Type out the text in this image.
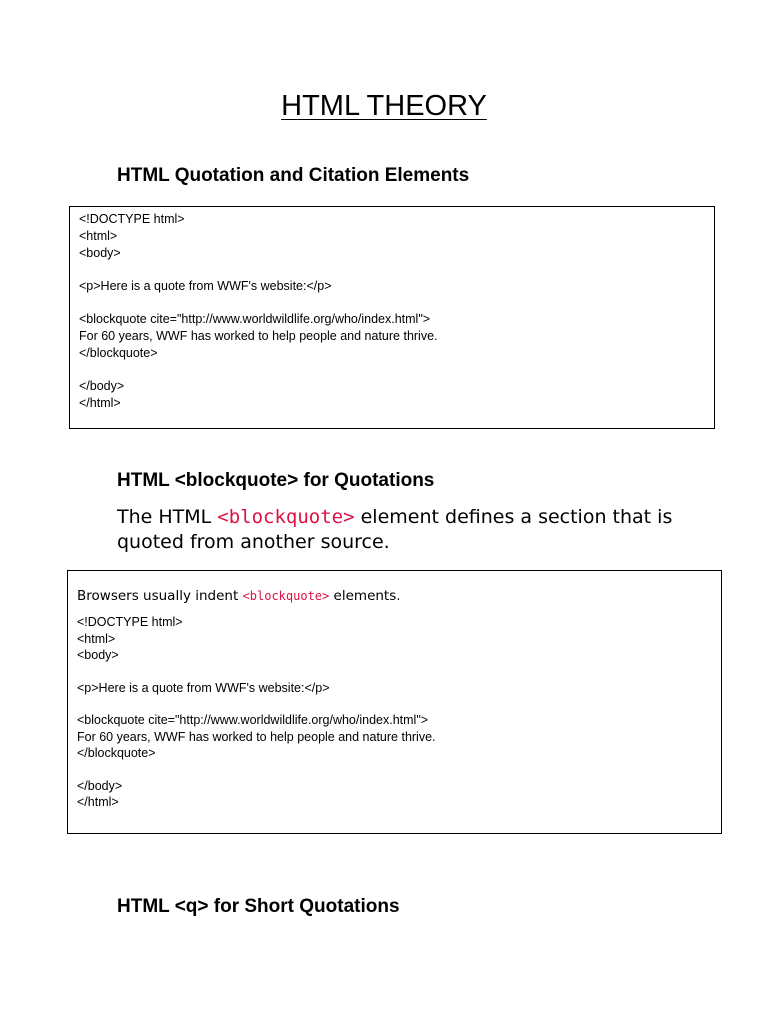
HTML THEORY
HTML Quotation and Citation Elements
<!DOCTYPE html>
<html>
<body>
<p>Here is a quote from WWF's website:</p>
<blockquote cite="http://www.worldwildlife.org/who/index.html">
For 60 years, WWF has worked to help people and nature thrive.
</blockquote>
</body>
</html>
HTML <blockquote> for Quotations

The HTML <blockquote> element defines a section that is quoted from another source.

Browsers usually indent <blockquote> elements.

<!DOCTYPE html>
<html>
<body>
<p>Here is a quote from WWF's website:</p>
<blockquote cite="http://www.worldwildlife.org/who/index.html">
For 60 years, WWF has worked to help people and nature thrive.
</blockquote>
</body>
</html>
HTML <q> for Short Quotations
